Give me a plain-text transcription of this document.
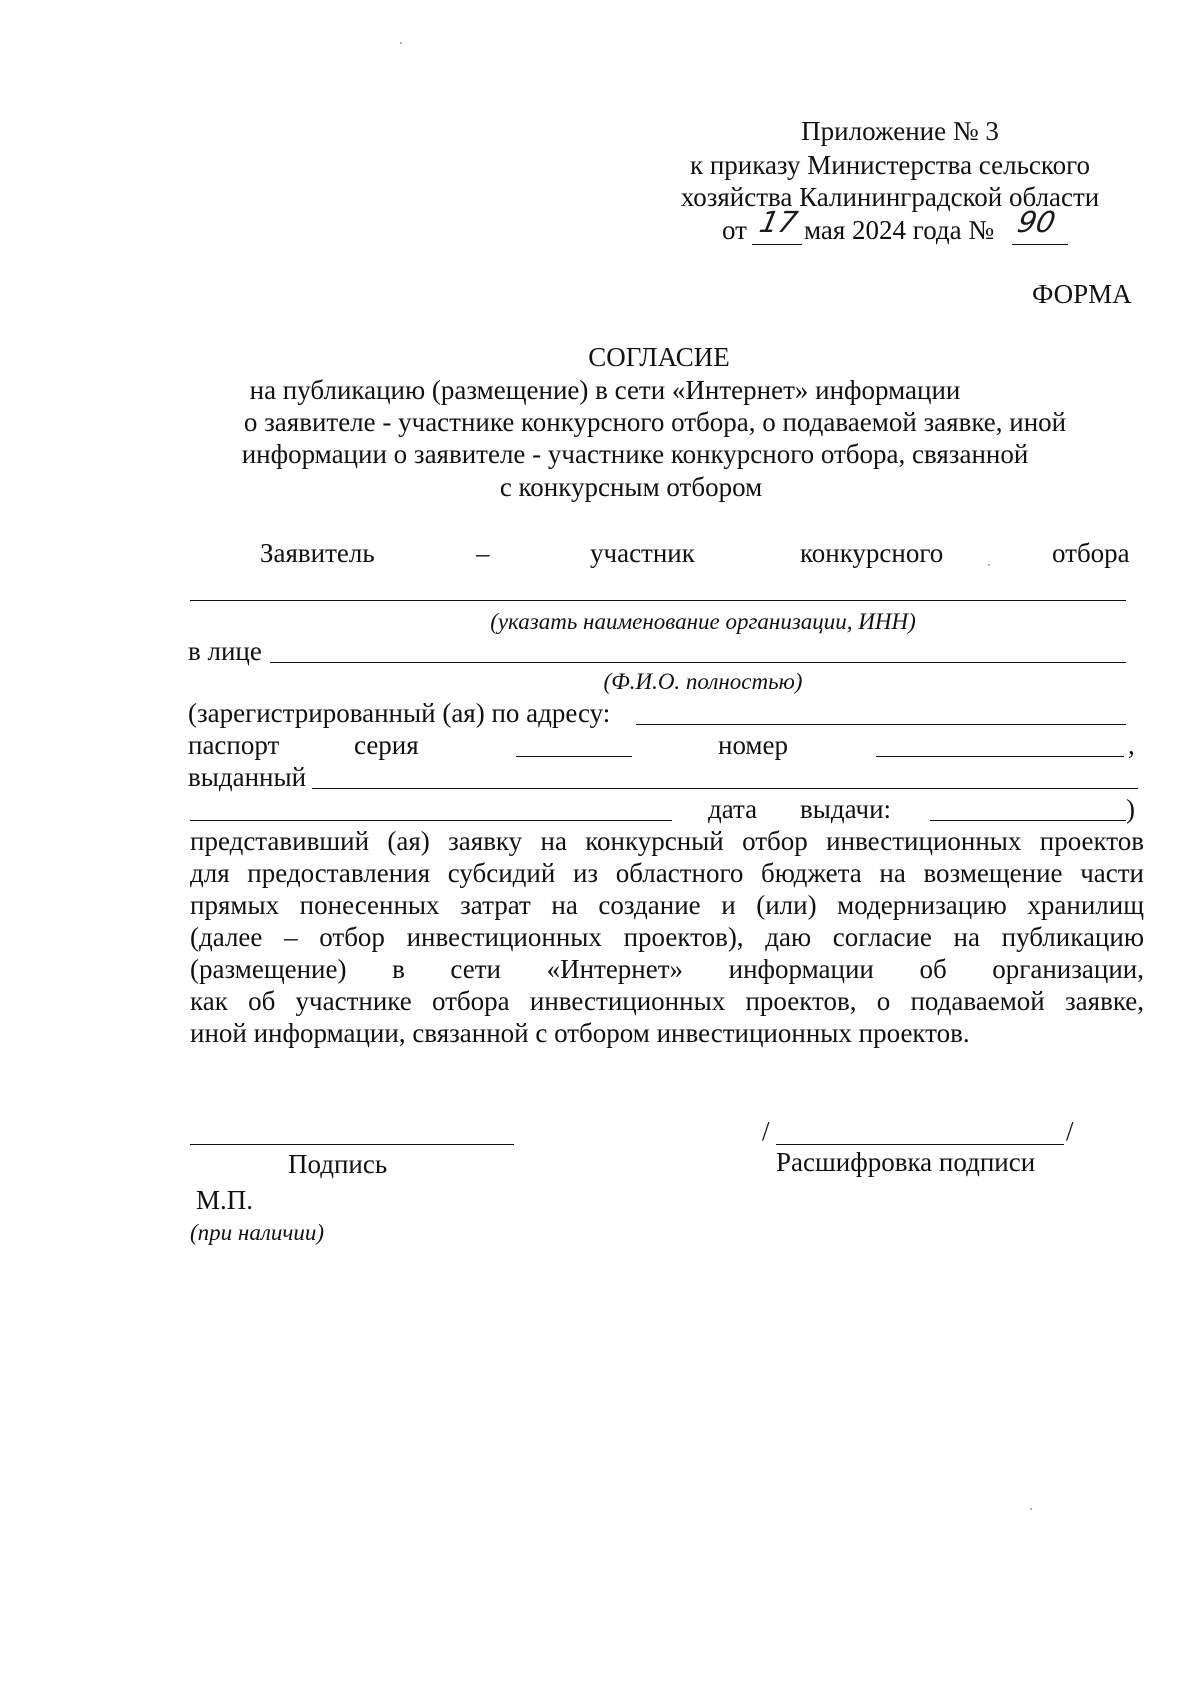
Приложение № 3
к приказу Министерства сельского
хозяйства Калининградской области
от 17 мая 2024 года № 90
ФОРМА
СОГЛАСИЕ
на публикацию (размещение) в сети «Интернет» информации
о заявителе - участнике конкурсного отбора, о подаваемой заявке, иной
информации о заявителе - участнике конкурсного отбора, связанной
с конкурсным отбором
Заявитель	–	участник	конкурсного	отбора
(указать наименование организации, ИНН)
в лице
(Ф.И.О. полностью)
(зарегистрированный (ая) по адресу:
паспорт	серия	номер	,
выданный
дата выдачи:	)
представивший (ая) заявку на конкурсный отбор инвестиционных проектов
для предоставления субсидий из областного бюджета на возмещение части
прямых понесенных затрат на создание и (или) модернизацию хранилищ
(далее – отбор инвестиционных проектов), даю согласие на публикацию
(размещение) в сети «Интернет» информации об организации,
как об участнике отбора инвестиционных проектов, о подаваемой заявке,
иной информации, связанной с отбором инвестиционных проектов.
Подпись
/	/
Расшифровка подписи
М.П.
(при наличии)
